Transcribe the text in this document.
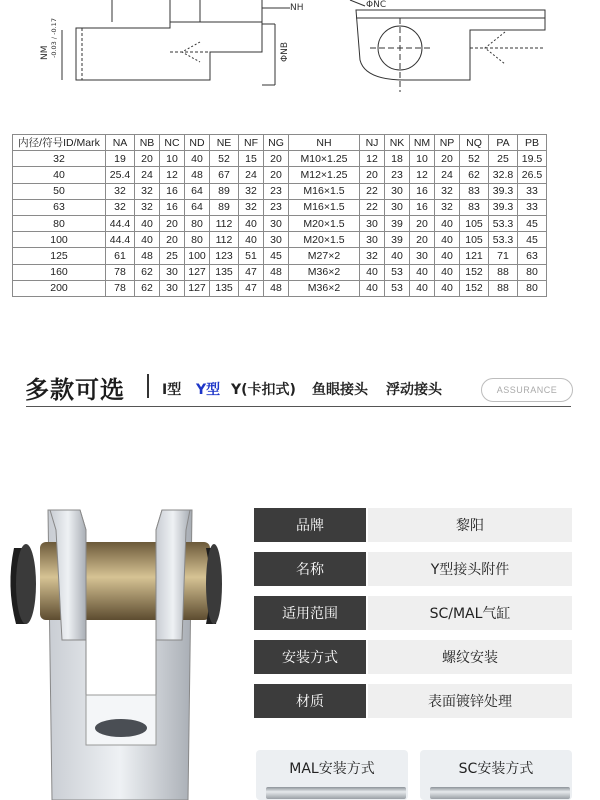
NM -0.03 / -0.17
NH
ΦNB
ΦNC
内径/符号ID/Mark	NA	NB	NC	ND	NE	NF	NG	NH	NJ	NK	NM	NP	NQ	PA	PB
32	19	20	10	40	52	15	20	M10×1.25	12	18	10	20	52	25	19.5
40	25.4	24	12	48	67	24	20	M12×1.25	20	23	12	24	62	32.8	26.5
50	32	32	16	64	89	32	23	M16×1.5	22	30	16	32	83	39.3	33
63	32	32	16	64	89	32	23	M16×1.5	22	30	16	32	83	39.3	33
80	44.4	40	20	80	112	40	30	M20×1.5	30	39	20	40	105	53.3	45
100	44.4	40	20	80	112	40	30	M20×1.5	30	39	20	40	105	53.3	45
125	61	48	25	100	123	51	45	M27×2	32	40	30	40	121	71	63
160	78	62	30	127	135	47	48	M36×2	40	53	40	40	152	88	80
200	78	62	30	127	135	47	48	M36×2	40	53	40	40	152	88	80
多款可选	I型 Y型 Y(卡扣式) 鱼眼接头 浮动接头	ASSURANCE
品牌	黎阳
名称	Y型接头附件
适用范围	SC/MAL气缸
安装方式	螺纹安装
材质	表面镀锌处理
MAL安装方式	SC安装方式
